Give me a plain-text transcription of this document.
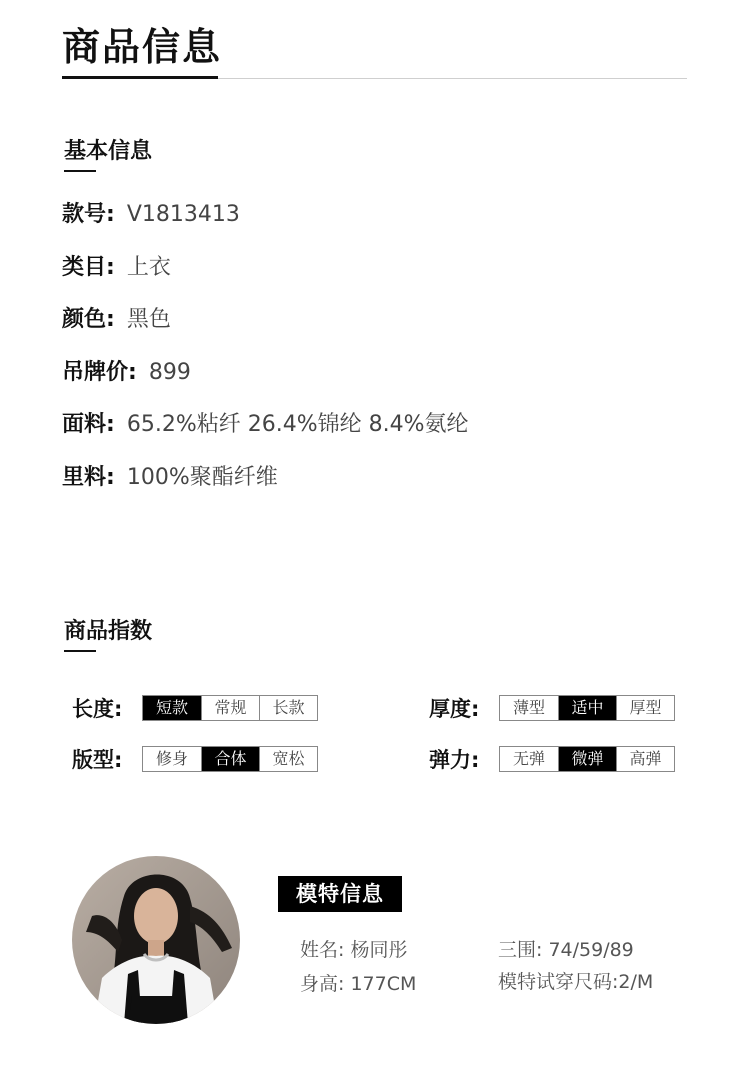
商品信息
基本信息
款号: V1813413
类目: 上衣
颜色: 黑色
吊牌价: 899
面料: 65.2%粘纤 26.4%锦纶 8.4%氨纶
里料: 100%聚酯纤维
商品指数
长度:	短款	常规	长款	厚度:	薄型	适中	厚型
版型:	修身	合体	宽松	弹力:	无弹	微弹	高弹
模特信息
姓名: 杨同彤
身高: 177CM
三围: 74/59/89
模特试穿尺码:2/M
